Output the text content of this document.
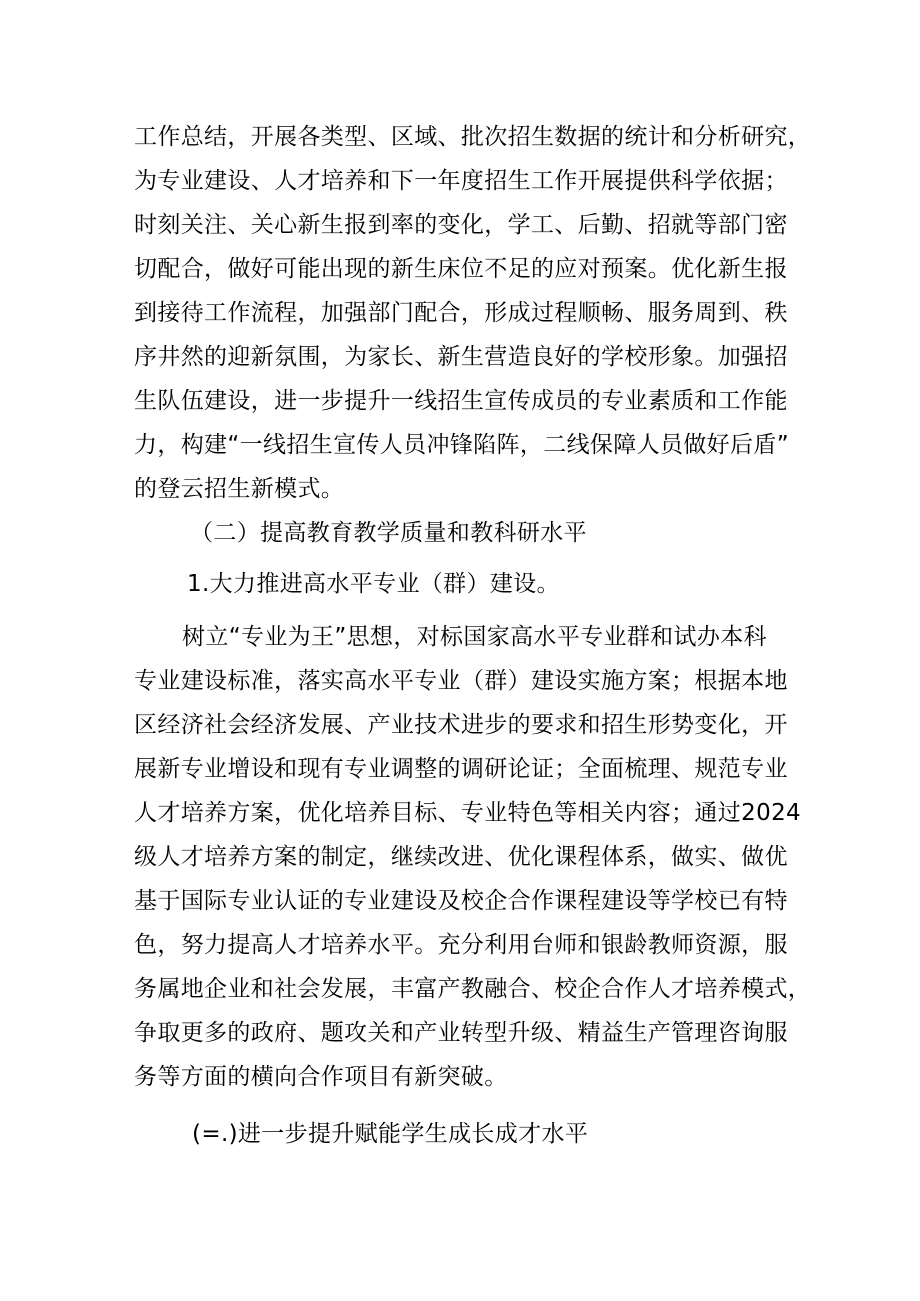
工作总结，开展各类型、区域、批次招生数据的统计和分析研究，
为专业建设、人才培养和下一年度招生工作开展提供科学依据；
时刻关注、关心新生报到率的变化，学工、后勤、招就等部门密
切配合，做好可能出现的新生床位不足的应对预案。优化新生报
到接待工作流程，加强部门配合，形成过程顺畅、服务周到、秩
序井然的迎新氛围，为家长、新生营造良好的学校形象。加强招
生队伍建设，进一步提升一线招生宣传成员的专业素质和工作能
力，构建“一线招生宣传人员冲锋陷阵，二线保障人员做好后盾”
的登云招生新模式。
（二）提高教育教学质量和教科研水平
1.大力推进高水平专业（群）建设。
树立“专业为王”思想，对标国家高水平专业群和试办本科
专业建设标准，落实高水平专业（群）建设实施方案；根据本地
区经济社会经济发展、产业技术进步的要求和招生形势变化，开
展新专业增设和现有专业调整的调研论证；全面梳理、规范专业
人才培养方案，优化培养目标、专业特色等相关内容；通过2024
级人才培养方案的制定，继续改进、优化课程体系，做实、做优
基于国际专业认证的专业建设及校企合作课程建设等学校已有特
色，努力提高人才培养水平。充分利用台师和银龄教师资源，服
务属地企业和社会发展，丰富产教融合、校企合作人才培养模式，
争取更多的政府、题攻关和产业转型升级、精益生产管理咨询服
务等方面的横向合作项目有新突破。
(=.)进一步提升赋能学生成长成才水平
